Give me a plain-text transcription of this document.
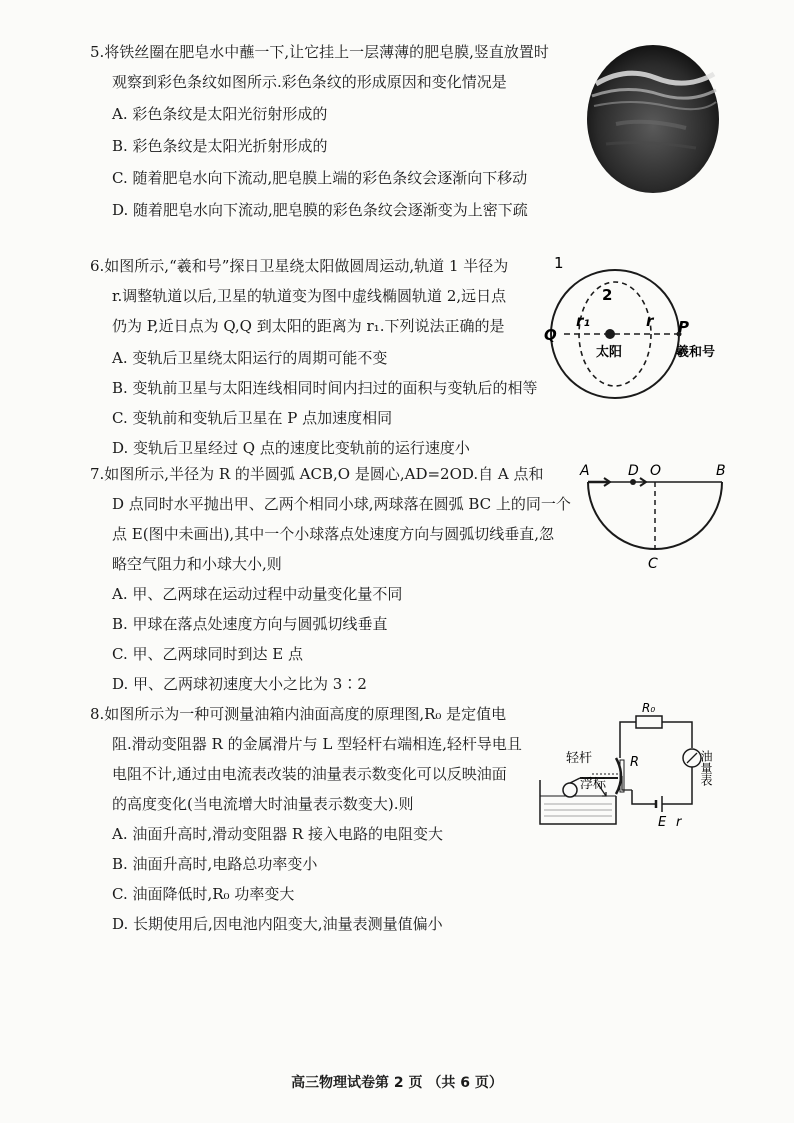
5.将铁丝圈在肥皂水中蘸一下,让它挂上一层薄薄的肥皂膜,竖直放置时
观察到彩色条纹如图所示.彩色条纹的形成原因和变化情况是
A. 彩色条纹是太阳光衍射形成的
B. 彩色条纹是太阳光折射形成的
C. 随着肥皂水向下流动,肥皂膜上端的彩色条纹会逐渐向下移动
D. 随着肥皂水向下流动,肥皂膜的彩色条纹会逐渐变为上密下疏
6.如图所示,“羲和号”探日卫星绕太阳做圆周运动,轨道 1 半径为
r.调整轨道以后,卫星的轨道变为图中虚线椭圆轨道 2,远日点
仍为 P,近日点为 Q,Q 到太阳的距离为 r₁.下列说法正确的是
A. 变轨后卫星绕太阳运行的周期可能不变
B. 变轨前卫星与太阳连线相同时间内扫过的面积与变轨后的相等
C. 变轨前和变轨后卫星在 P 点加速度相同
D. 变轨后卫星经过 Q 点的速度比变轨前的运行速度小
1
2
Q	P
r₁	r
太阳	羲和号
7.如图所示,半径为 R 的半圆弧 ACB,O 是圆心,AD=2OD.自 A 点和
D 点同时水平抛出甲、乙两个相同小球,两球落在圆弧 BC 上的同一个
点 E(图中未画出),其中一个小球落点处速度方向与圆弧切线垂直,忽
略空气阻力和小球大小,则
A. 甲、乙两球在运动过程中动量变化量不同
B. 甲球在落点处速度方向与圆弧切线垂直
C. 甲、乙两球同时到达 E 点
D. 甲、乙两球初速度大小之比为 3∶2
A	D O	B
C
8.如图所示为一种可测量油箱内油面高度的原理图,R₀ 是定值电
阻.滑动变阻器 R 的金属滑片与 L 型轻杆右端相连,轻杆导电且
电阻不计,通过由电流表改装的油量表示数变化可以反映油面
的高度变化(当电流增大时油量表示数变大).则
A. 油面升高时,滑动变阻器 R 接入电路的电阻变大
B. 油面升高时,电路总功率变小
C. 油面降低时,R₀ 功率变大
D. 长期使用后,因电池内阻变大,油量表测量值偏小
R₀
轻杆
浮标
R
E r
油量表
高三物理试卷第 2 页 （共 6 页）
